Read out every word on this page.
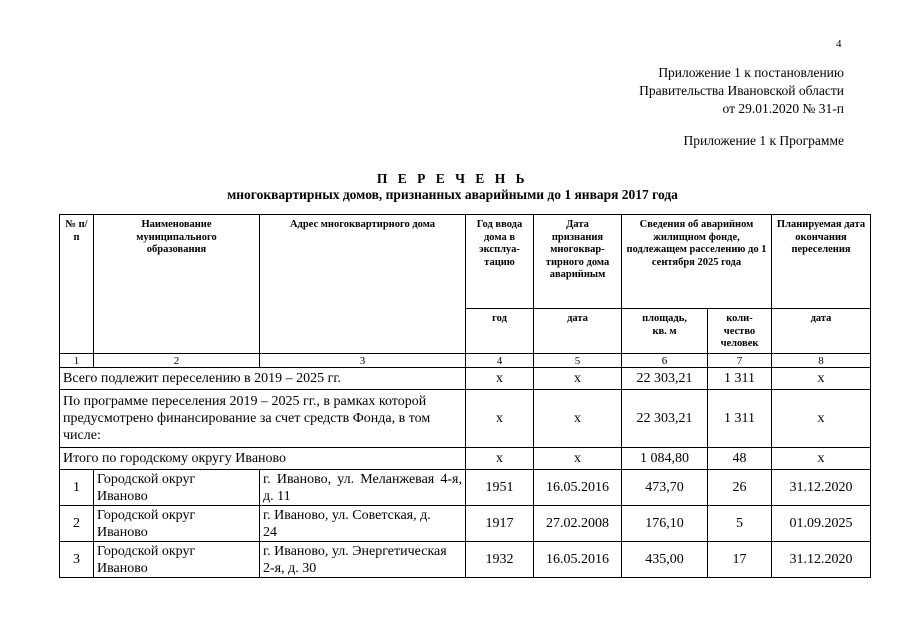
4
Приложение 1 к постановлению
Правительства Ивановской области
от 29.01.2020 № 31-п
Приложение 1 к Программе
П Е Р Е Ч Е Н Ь
многоквартирных домов, признанных аварийными до 1 января 2017 года
№ п/п	Наименование муниципального образования	Адрес многоквартирного дома	Год ввода дома в эксплуа-тацию	Дата признания многоквар-тирного дома аварийным	Сведения об аварийном жилищном фонде, подлежащем расселению до 1 сентября 2025 года		Планируемая дата окончания переселения
			год	дата	площадь, кв. м	коли-чество человек	дата
1	2	3	4	5	6	7	8
Всего подлежит переселению в 2019 – 2025 гг.			х	х	22 303,21	1 311	х

По программе переселения 2019 – 2025 гг., в рамках которой предусмотрено финансирование за счет средств Фонда, в том числе:			х	х	22 303,21	1 311	х
Итого по городскому округу Иваново			х	х	1 084,80	48	х
1	Городской округ Иваново	г. Иваново, ул. Меланжевая 4-я, д. 11	1951	16.05.2016	473,70	26	31.12.2020
2	Городской округ Иваново	г. Иваново, ул. Советская, д. 24	1917	27.02.2008	176,10	5	01.09.2025
3	Городской округ Иваново	г. Иваново, ул. Энергетическая 2-я, д. 30	1932	16.05.2016	435,00	17	31.12.2020
